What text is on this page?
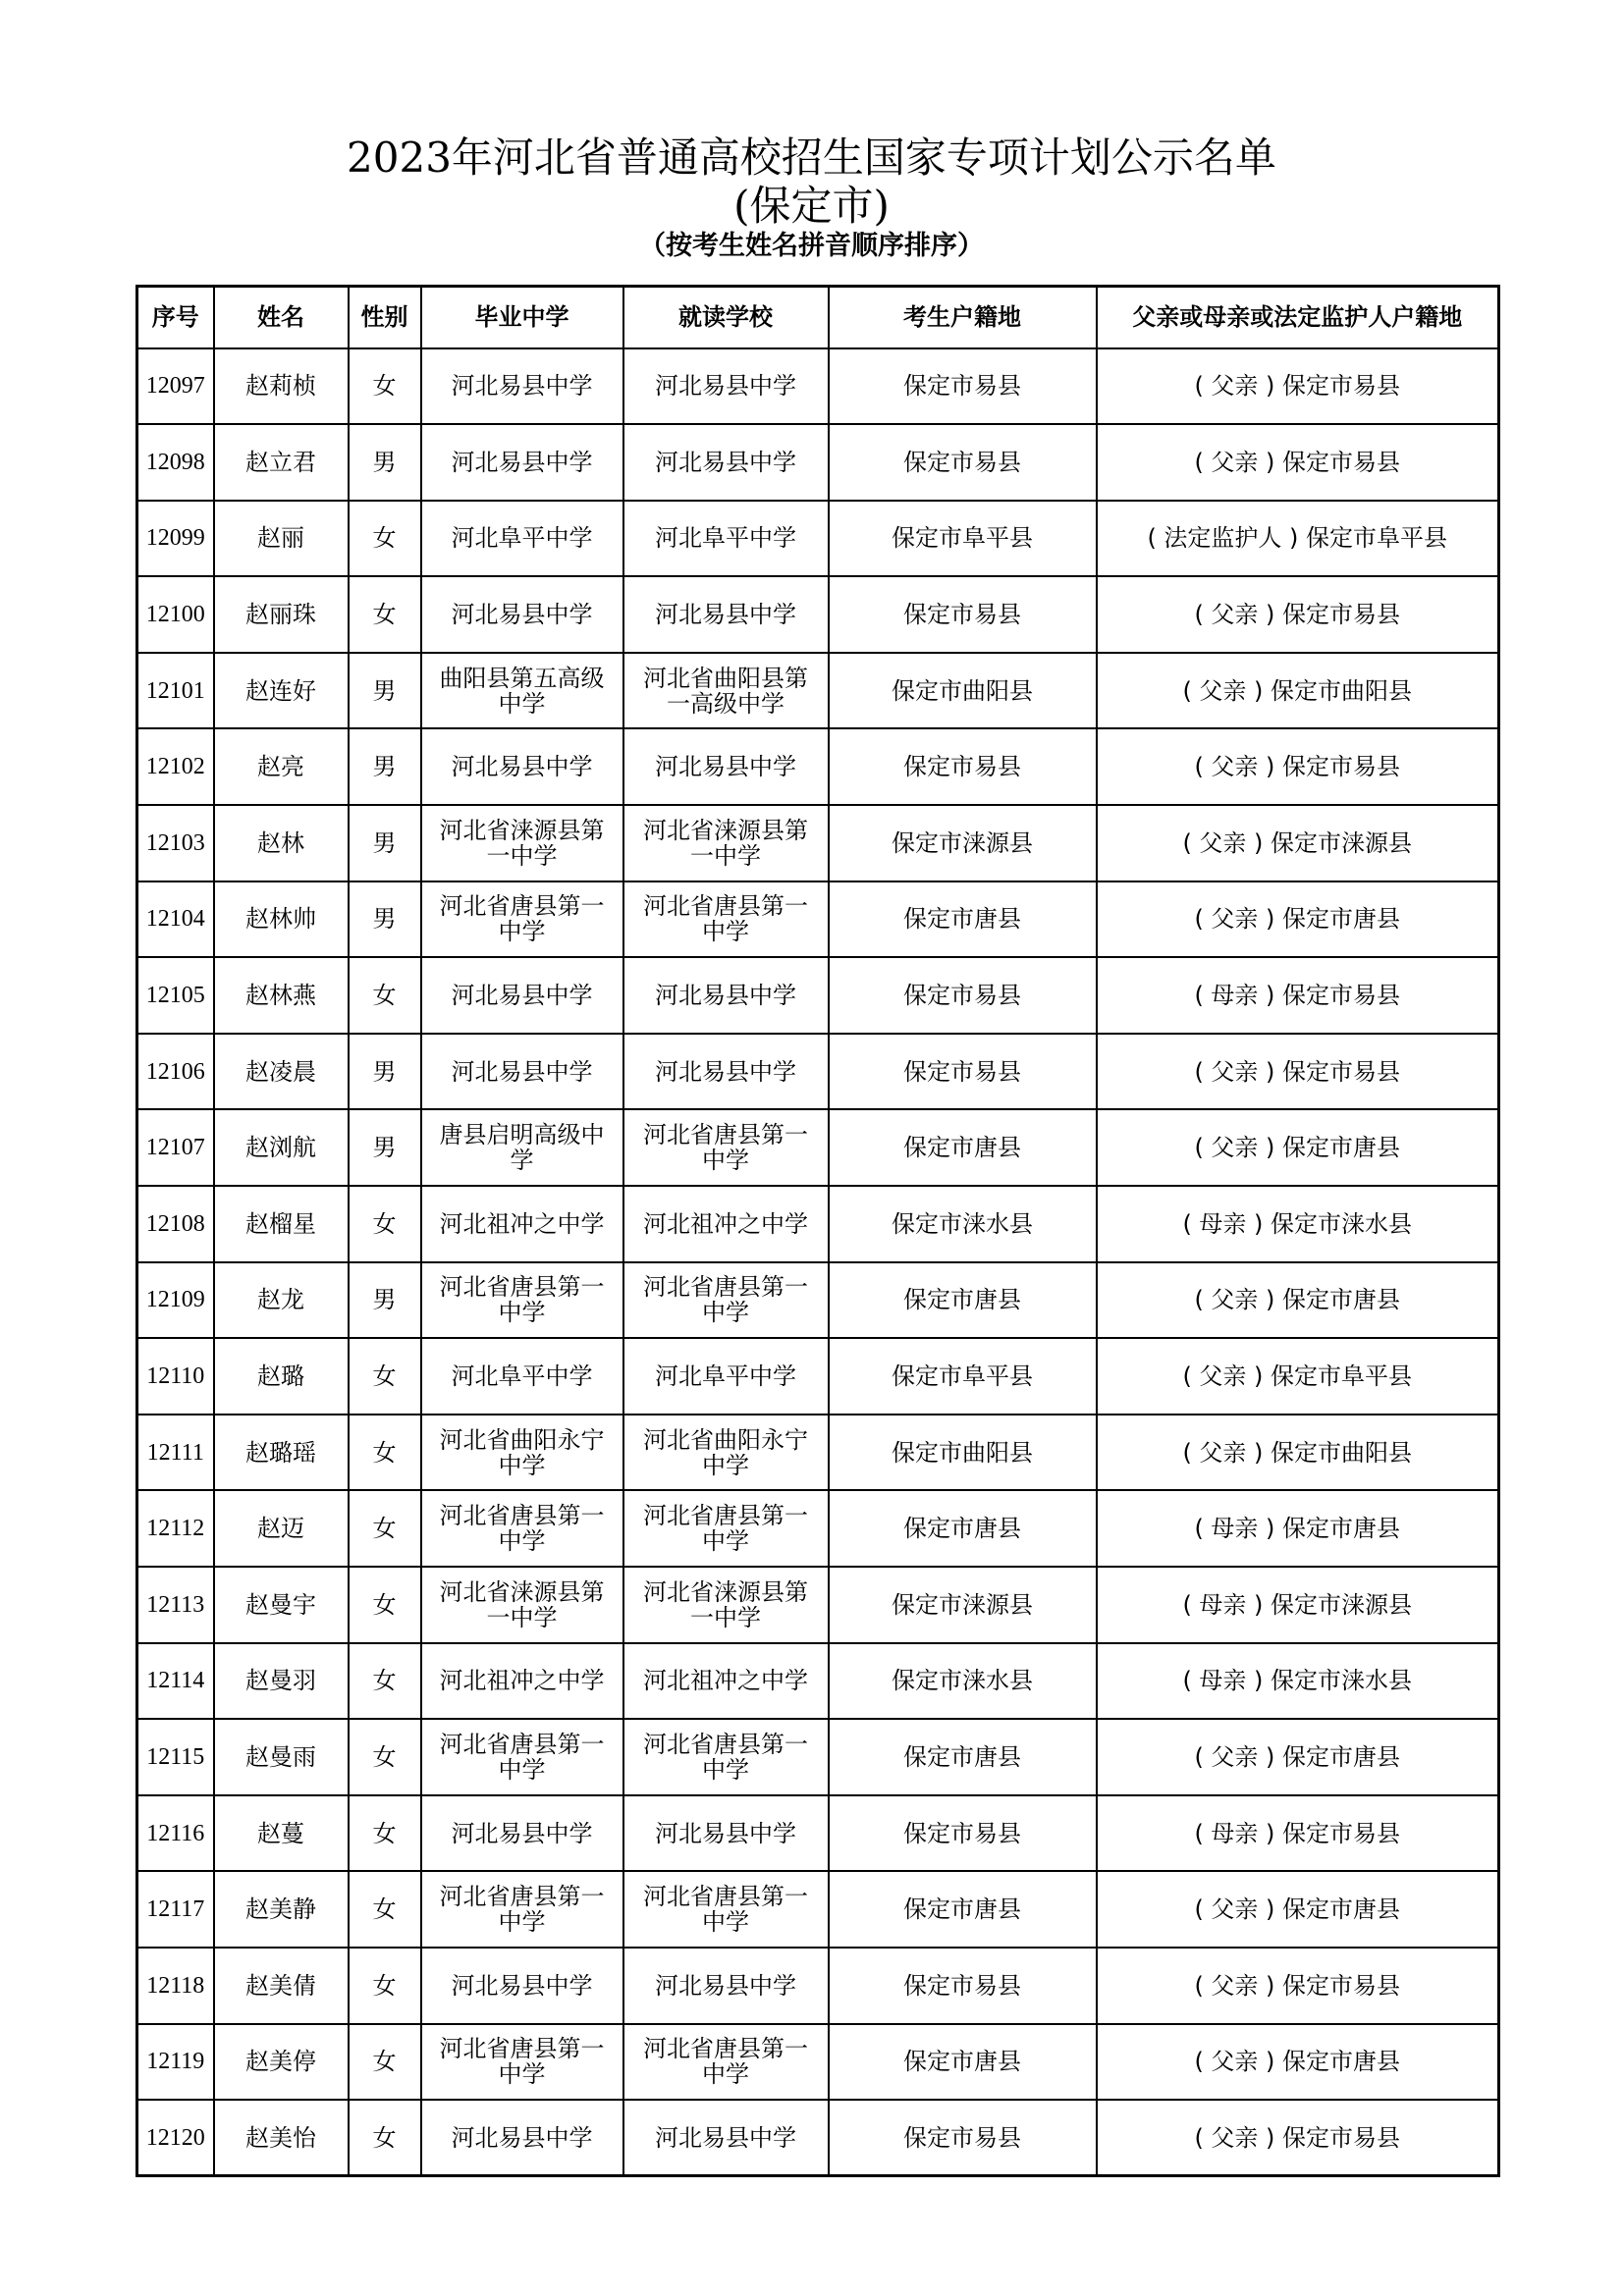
2023年河北省普通高校招生国家专项计划公示名单
(保定市)
（按考生姓名拼音顺序排序）
序号	姓名	性别	毕业中学	就读学校	考生户籍地	父亲或母亲或法定监护人户籍地
12097	赵莉桢	女	河北易县中学	河北易县中学	保定市易县	( 父亲 ) 保定市易县
12098	赵立君	男	河北易县中学	河北易县中学	保定市易县	( 父亲 ) 保定市易县
12099	赵丽	女	河北阜平中学	河北阜平中学	保定市阜平县	( 法定监护人 ) 保定市阜平县
12100	赵丽珠	女	河北易县中学	河北易县中学	保定市易县	( 父亲 ) 保定市易县
12101	赵连好	男	曲阳县第五高级中学	河北省曲阳县第一高级中学	保定市曲阳县	( 父亲 ) 保定市曲阳县
12102	赵亮	男	河北易县中学	河北易县中学	保定市易县	( 父亲 ) 保定市易县
12103	赵林	男	河北省涞源县第一中学	河北省涞源县第一中学	保定市涞源县	( 父亲 ) 保定市涞源县
12104	赵林帅	男	河北省唐县第一中学	河北省唐县第一中学	保定市唐县	( 父亲 ) 保定市唐县
12105	赵林燕	女	河北易县中学	河北易县中学	保定市易县	( 母亲 ) 保定市易县
12106	赵凌晨	男	河北易县中学	河北易县中学	保定市易县	( 父亲 ) 保定市易县
12107	赵浏航	男	唐县启明高级中学	河北省唐县第一中学	保定市唐县	( 父亲 ) 保定市唐县
12108	赵榴星	女	河北祖冲之中学	河北祖冲之中学	保定市涞水县	( 母亲 ) 保定市涞水县
12109	赵龙	男	河北省唐县第一中学	河北省唐县第一中学	保定市唐县	( 父亲 ) 保定市唐县
12110	赵璐	女	河北阜平中学	河北阜平中学	保定市阜平县	( 父亲 ) 保定市阜平县
12111	赵璐瑶	女	河北省曲阳永宁中学	河北省曲阳永宁中学	保定市曲阳县	( 父亲 ) 保定市曲阳县
12112	赵迈	女	河北省唐县第一中学	河北省唐县第一中学	保定市唐县	( 母亲 ) 保定市唐县
12113	赵曼宇	女	河北省涞源县第一中学	河北省涞源县第一中学	保定市涞源县	( 母亲 ) 保定市涞源县
12114	赵曼羽	女	河北祖冲之中学	河北祖冲之中学	保定市涞水县	( 母亲 ) 保定市涞水县
12115	赵曼雨	女	河北省唐县第一中学	河北省唐县第一中学	保定市唐县	( 父亲 ) 保定市唐县
12116	赵蔓	女	河北易县中学	河北易县中学	保定市易县	( 母亲 ) 保定市易县
12117	赵美静	女	河北省唐县第一中学	河北省唐县第一中学	保定市唐县	( 父亲 ) 保定市唐县
12118	赵美倩	女	河北易县中学	河北易县中学	保定市易县	( 父亲 ) 保定市易县
12119	赵美停	女	河北省唐县第一中学	河北省唐县第一中学	保定市唐县	( 父亲 ) 保定市唐县
12120	赵美怡	女	河北易县中学	河北易县中学	保定市易县	( 父亲 ) 保定市易县
